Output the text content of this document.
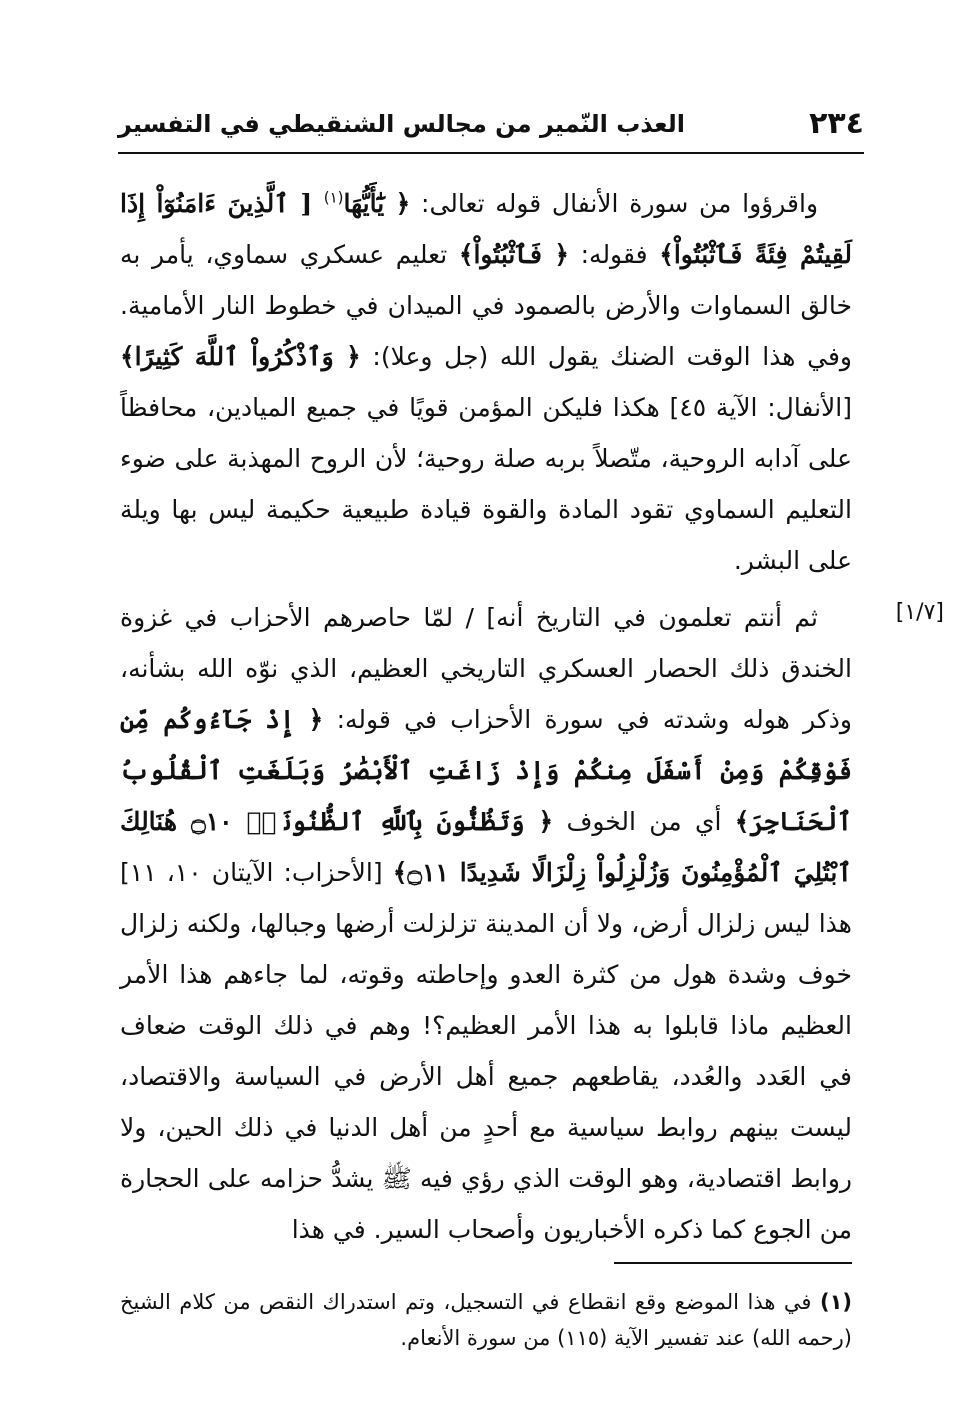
٢٣٤
العذب النّمير من مجالس الشنقيطي في التفسير

واقرؤوا من سورة الأنفال قوله تعالى: ﴿ يَٰٓأَيُّهَا$^{(١)}$ [ ٱلَّذِينَ ءَامَنُوٓاْ إِذَا لَقِيتُمْ فِئَةً فَٱثْبُتُواْ﴾ فقوله: ﴿ فَٱثْبُتُواْ﴾ تعليم عسكري سماوي، يأمر به خالق السماوات والأرض بالصمود في الميدان في خطوط النار الأمامية. وفي هذا الوقت الضنك يقول الله (جل وعلا): ﴿ وَٱذْكُرُواْ ٱللَّهَ كَثِيرًا﴾ [الأنفال: الآية ٤٥] هكذا فليكن المؤمن قويًا في جميع الميادين، محافظاً على آدابه الروحية، متّصلاً بربه صلة روحية؛ لأن الروح المهذبة على ضوء التعليم السماوي تقود المادة والقوة قيادة طبيعية حكيمة ليس بها ويلة على البشر.

[١/٧]

ثم أنتم تعلمون في التاريخ أنه] / لمّا حاصرهم الأحزاب في غزوة الخندق ذلك الحصار العسكري التاريخي العظيم، الذي نوّه الله بشأنه، وذكر هوله وشدته في سورة الأحزاب في قوله: ﴿ إِذْ جَآءُوكُم مِّن فَوْقِكُمْ وَمِنْ أَسْفَلَ مِنكُمْ وَإِذْ زَاغَتِ ٱلْأَبْصَٰرُ وَبَلَغَتِ ٱلْقُلُوبُ ٱلْحَنَاجِرَ﴾ أي من الخوف ﴿ وَتَظُنُّونَ بِٱللَّهِ ٱلظُّنُونَا۠ ۝١٠ هُنَالِكَ ٱبْتُلِيَ ٱلْمُؤْمِنُونَ وَزُلْزِلُواْ زِلْزَالًا شَدِيدًا ۝١١﴾ [الأحزاب: الآيتان ١٠، ١١] هذا ليس زلزال أرض، ولا أن المدينة تزلزلت أرضها وجبالها، ولكنه زلزال خوف وشدة هول من كثرة العدو وإحاطته وقوته، لما جاءهم هذا الأمر العظيم ماذا قابلوا به هذا الأمر العظيم؟! وهم في ذلك الوقت ضعاف في العَدد والعُدد، يقاطعهم جميع أهل الأرض في السياسة والاقتصاد، ليست بينهم روابط سياسية مع أحدٍ من أهل الدنيا في ذلك الحين، ولا روابط اقتصادية، وهو الوقت الذي رؤي فيه ﷺ يشدُّ حزامه على الحجارة من الجوع كما ذكره الأخباريون وأصحاب السير. في هذا

(١) في هذا الموضع وقع انقطاع في التسجيل، وتم استدراك النقص من كلام الشيخ (رحمه الله) عند تفسير الآية (١١٥) من سورة الأنعام.
